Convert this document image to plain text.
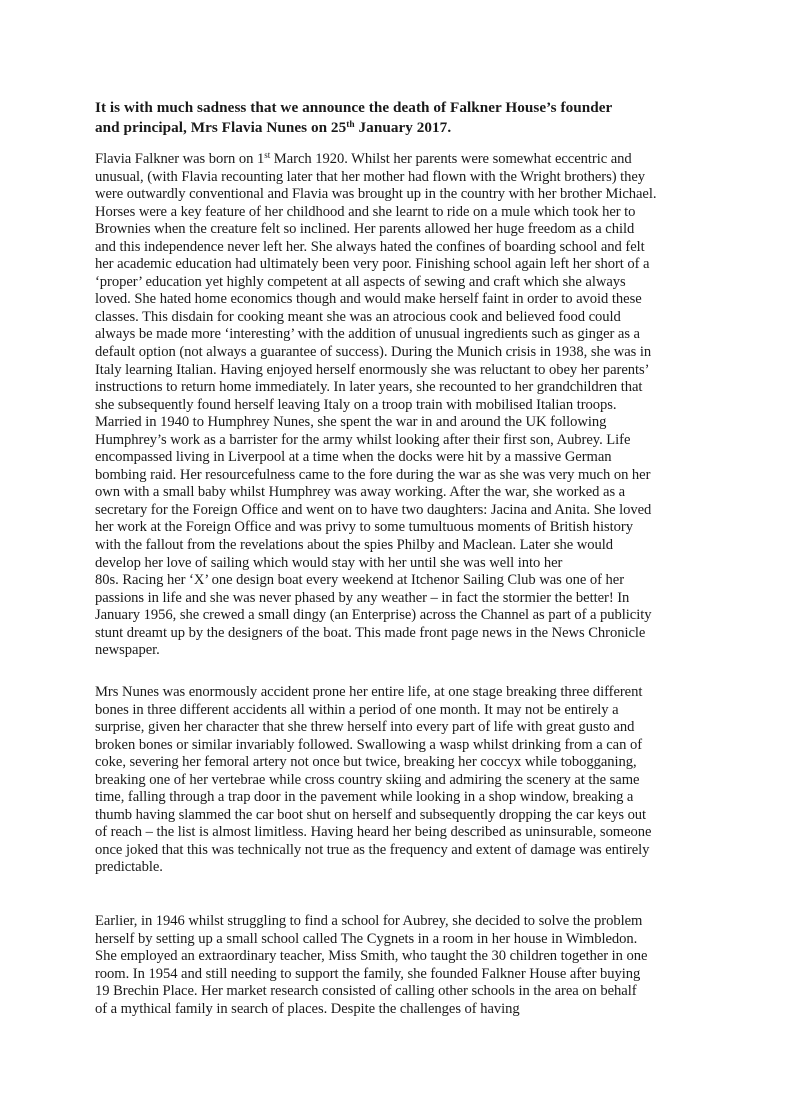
It is with much sadness that we announce the death of Falkner House’s founder
and principal, Mrs Flavia Nunes on 25th January 2017.
Flavia Falkner was born on 1st March 1920. Whilst her parents were somewhat eccentric and
unusual, (with Flavia recounting later that her mother had flown with the Wright brothers) they
were outwardly conventional and Flavia was brought up in the country with her brother Michael.
Horses were a key feature of her childhood and she learnt to ride on a mule which took her to
Brownies when the creature felt so inclined. Her parents allowed her huge freedom as a child
and this independence never left her. She always hated the confines of boarding school and felt
her academic education had ultimately been very poor. Finishing school again left her short of a
‘proper’ education yet highly competent at all aspects of sewing and craft which she always
loved. She hated home economics though and would make herself faint in order to avoid these
classes. This disdain for cooking meant she was an atrocious cook and believed food could
always be made more ‘interesting’ with the addition of unusual ingredients such as ginger as a
default option (not always a guarantee of success). During the Munich crisis in 1938, she was in
Italy learning Italian. Having enjoyed herself enormously she was reluctant to obey her parents’
instructions to return home immediately. In later years, she recounted to her grandchildren that
she subsequently found herself leaving Italy on a troop train with mobilised Italian troops.
Married in 1940 to Humphrey Nunes, she spent the war in and around the UK following
Humphrey’s work as a barrister for the army whilst looking after their first son, Aubrey. Life
encompassed living in Liverpool at a time when the docks were hit by a massive German
bombing raid. Her resourcefulness came to the fore during the war as she was very much on her
own with a small baby whilst Humphrey was away working. After the war, she worked as a
secretary for the Foreign Office and went on to have two daughters: Jacina and Anita. She loved
her work at the Foreign Office and was privy to some tumultuous moments of British history
with the fallout from the revelations about the spies Philby and Maclean. Later she would
develop her love of sailing which would stay with her until she was well into her
80s. Racing her ‘X’ one design boat every weekend at Itchenor Sailing Club was one of her
passions in life and she was never phased by any weather – in fact the stormier the better! In
January 1956, she crewed a small dingy (an Enterprise) across the Channel as part of a publicity
stunt dreamt up by the designers of the boat. This made front page news in the News Chronicle
newspaper.
Mrs Nunes was enormously accident prone her entire life, at one stage breaking three different
bones in three different accidents all within a period of one month. It may not be entirely a
surprise, given her character that she threw herself into every part of life with great gusto and
broken bones or similar invariably followed. Swallowing a wasp whilst drinking from a can of
coke, severing her femoral artery not once but twice, breaking her coccyx while tobogganing,
breaking one of her vertebrae while cross country skiing and admiring the scenery at the same
time, falling through a trap door in the pavement while looking in a shop window, breaking a
thumb having slammed the car boot shut on herself and subsequently dropping the car keys out
of reach – the list is almost limitless. Having heard her being described as uninsurable, someone
once joked that this was technically not true as the frequency and extent of damage was entirely
predictable.
Earlier, in 1946 whilst struggling to find a school for Aubrey, she decided to solve the problem
herself by setting up a small school called The Cygnets in a room in her house in Wimbledon.
She employed an extraordinary teacher, Miss Smith, who taught the 30 children together in one
room. In 1954 and still needing to support the family, she founded Falkner House after buying
19 Brechin Place. Her market research consisted of calling other schools in the area on behalf
of a mythical family in search of places. Despite the challenges of having
